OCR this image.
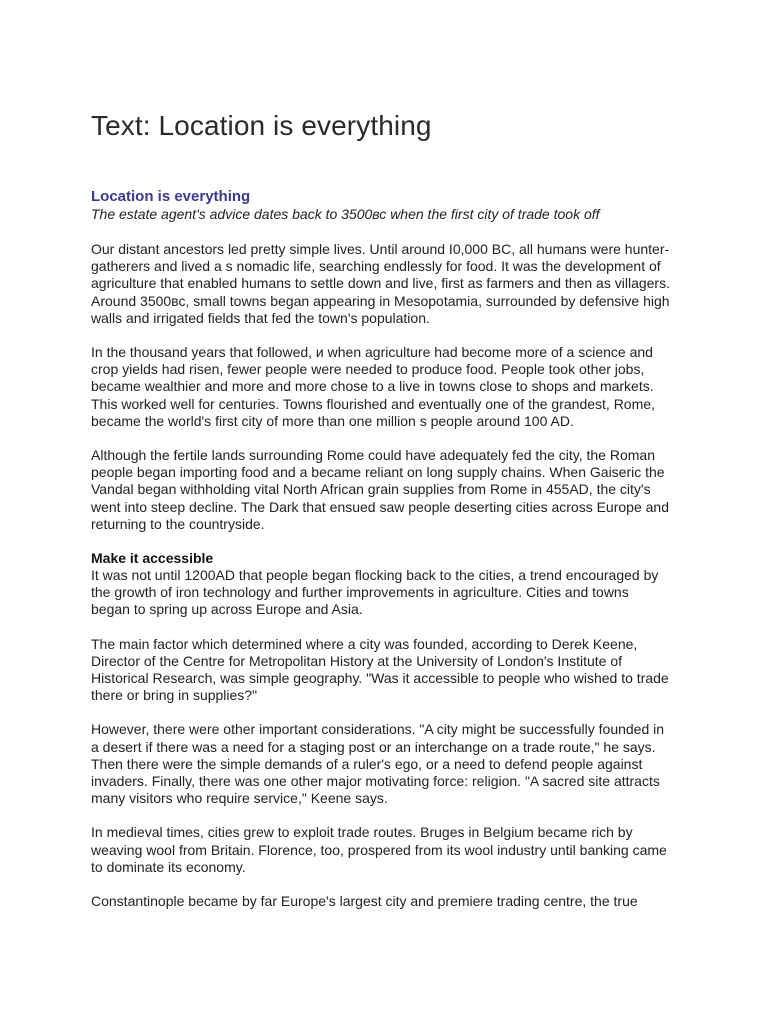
Text: Location is everything
Location is everything

The estate agent's advice dates back to 3500вс when the first city of trade took off

Our distant ancestors led pretty simple lives. Until around I0,000 BC, all humans were hunter-gatherers and lived a s nomadic life, searching endlessly for food. It was the development of agriculture that enabled humans to settle down and live, first as farmers and then as villagers. Around 3500вс, small towns began appearing in Mesopotamia, surrounded by defensive high walls and irrigated fields that fed the town's population.

In the thousand years that followed, и when agriculture had become more of a science and crop yields had risen, fewer people were needed to produce food. People took other jobs, became wealthier and more and more chose to a live in towns close to shops and markets. This worked well for centuries. Towns flourished and eventually one of the grandest, Rome, became the world's first city of more than one million s people around 100 AD.

Although the fertile lands surrounding Rome could have adequately fed the city, the Roman people began importing food and a became reliant on long supply chains. When Gaiseric the Vandal began withholding vital North African grain supplies from Rome in 455AD, the city's went into steep decline. The Dark that ensued saw people deserting cities across Europe and returning to the countryside.

Make it accessible

It was not until 1200AD that people began flocking back to the cities, a trend encouraged by the growth of iron technology and further improvements in agriculture. Cities and towns began to spring up across Europe and Asia.

The main factor which determined where a city was founded, according to Derek Keene, Director of the Centre for Metropolitan History at the University of London's Institute of Historical Research, was simple geography. "Was it accessible to people who wished to trade there or bring in supplies?"

However, there were other important considerations. "A city might be successfully founded in a desert if there was a need for a staging post or an interchange on a trade route," he says. Then there were the simple demands of a ruler's ego, or a need to defend people against invaders. Finally, there was one other major motivating force: religion. "A sacred site attracts many visitors who require service," Keene says.

In medieval times, cities grew to exploit trade routes. Bruges in Belgium became rich by weaving wool from Britain. Florence, too, prospered from its wool industry until banking came to dominate its economy.

Constantinople became by far Europe's largest city and premiere trading centre, the true
